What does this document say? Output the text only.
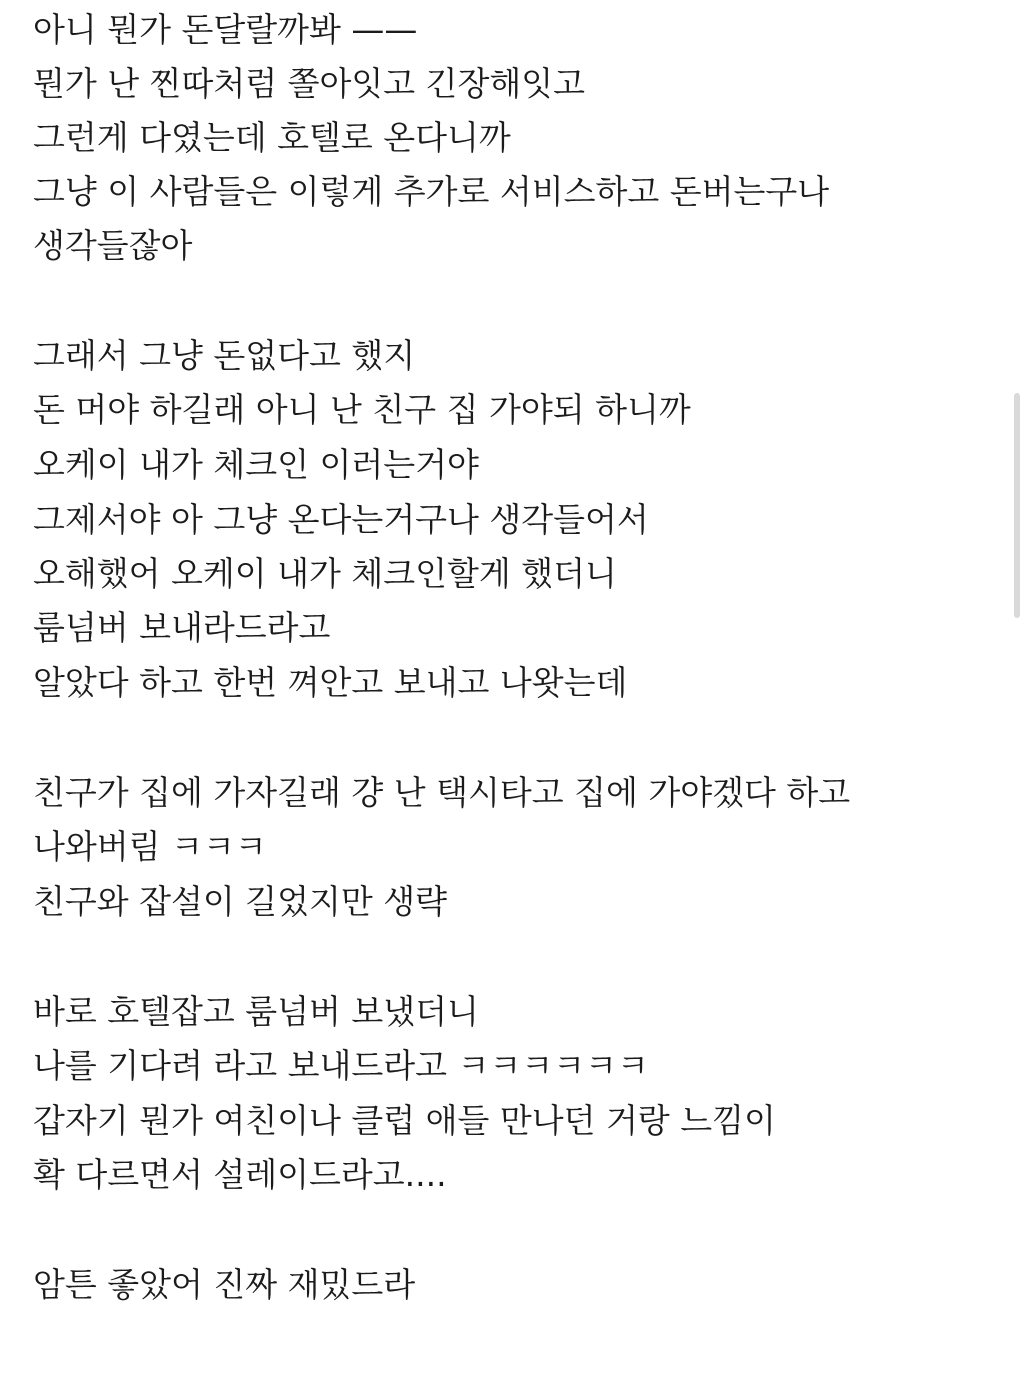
아니 뭔가 돈달랄까봐 ——
뭔가 난 찐따처럼 쫄아잇고 긴장해잇고
그런게 다였는데 호텔로 온다니까
그냥 이 사람들은 이렇게 추가로 서비스하고 돈버는구나
생각들잖아
그래서 그냥 돈없다고 했지
돈 머야 하길래 아니 난 친구 집 가야되 하니까
오케이 내가 체크인 이러는거야
그제서야 아 그냥 온다는거구나 생각들어서
오해했어 오케이 내가 체크인할게 했더니
룸넘버 보내라드라고
알았다 하고 한번 껴안고 보내고 나왓는데
친구가 집에 가자길래 걍 난 택시타고 집에 가야겠다 하고
나와버림 ㅋㅋㅋ
친구와 잡설이 길었지만 생략
바로 호텔잡고 룸넘버 보냈더니
나를 기다려 라고 보내드라고 ㅋㅋㅋㅋㅋㅋ
갑자기 뭔가 여친이나 클럽 애들 만나던 거랑 느낌이
확 다르면서 설레이드라고....
암튼 좋았어 진짜 재밌드라
